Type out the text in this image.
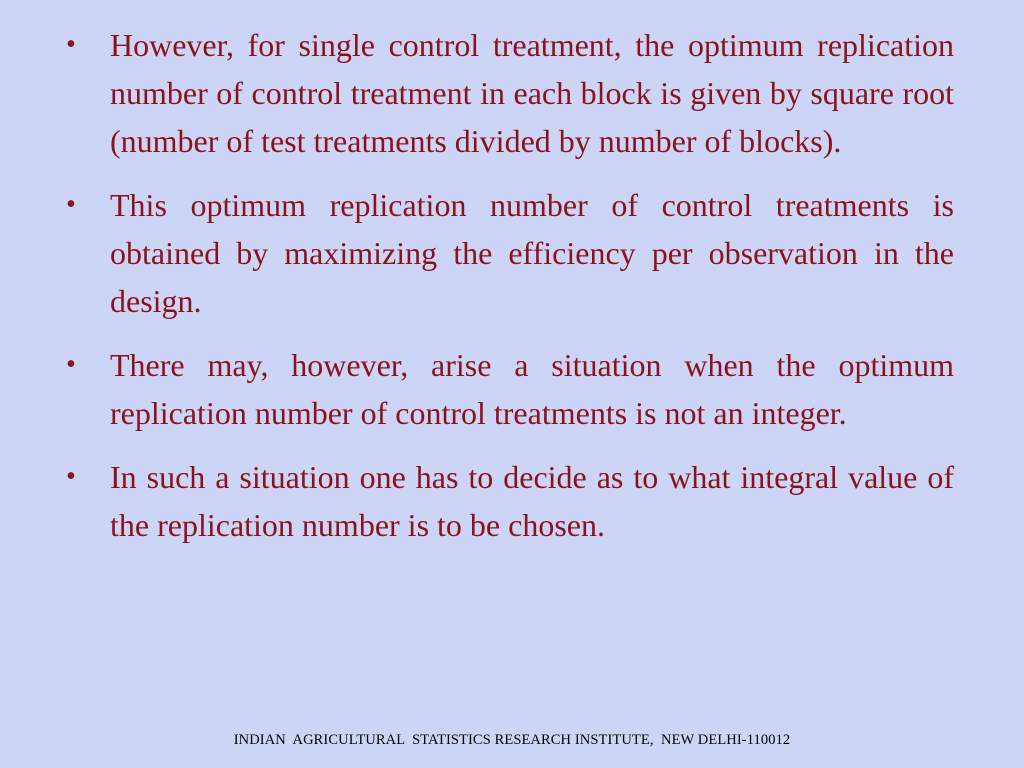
•	However, for single control treatment, the optimum replication number of control treatment in each block is given by square root (number of test treatments divided by number of blocks).
•	This optimum replication number of control treatments is obtained by maximizing the efficiency per observation in the design.
•	There may, however, arise a situation when the optimum replication number of control treatments is not an integer.
•	In such a situation one has to decide as to what integral value of the replication number is to be chosen.
INDIAN  AGRICULTURAL  STATISTICS RESEARCH INSTITUTE,  NEW DELHI-110012
